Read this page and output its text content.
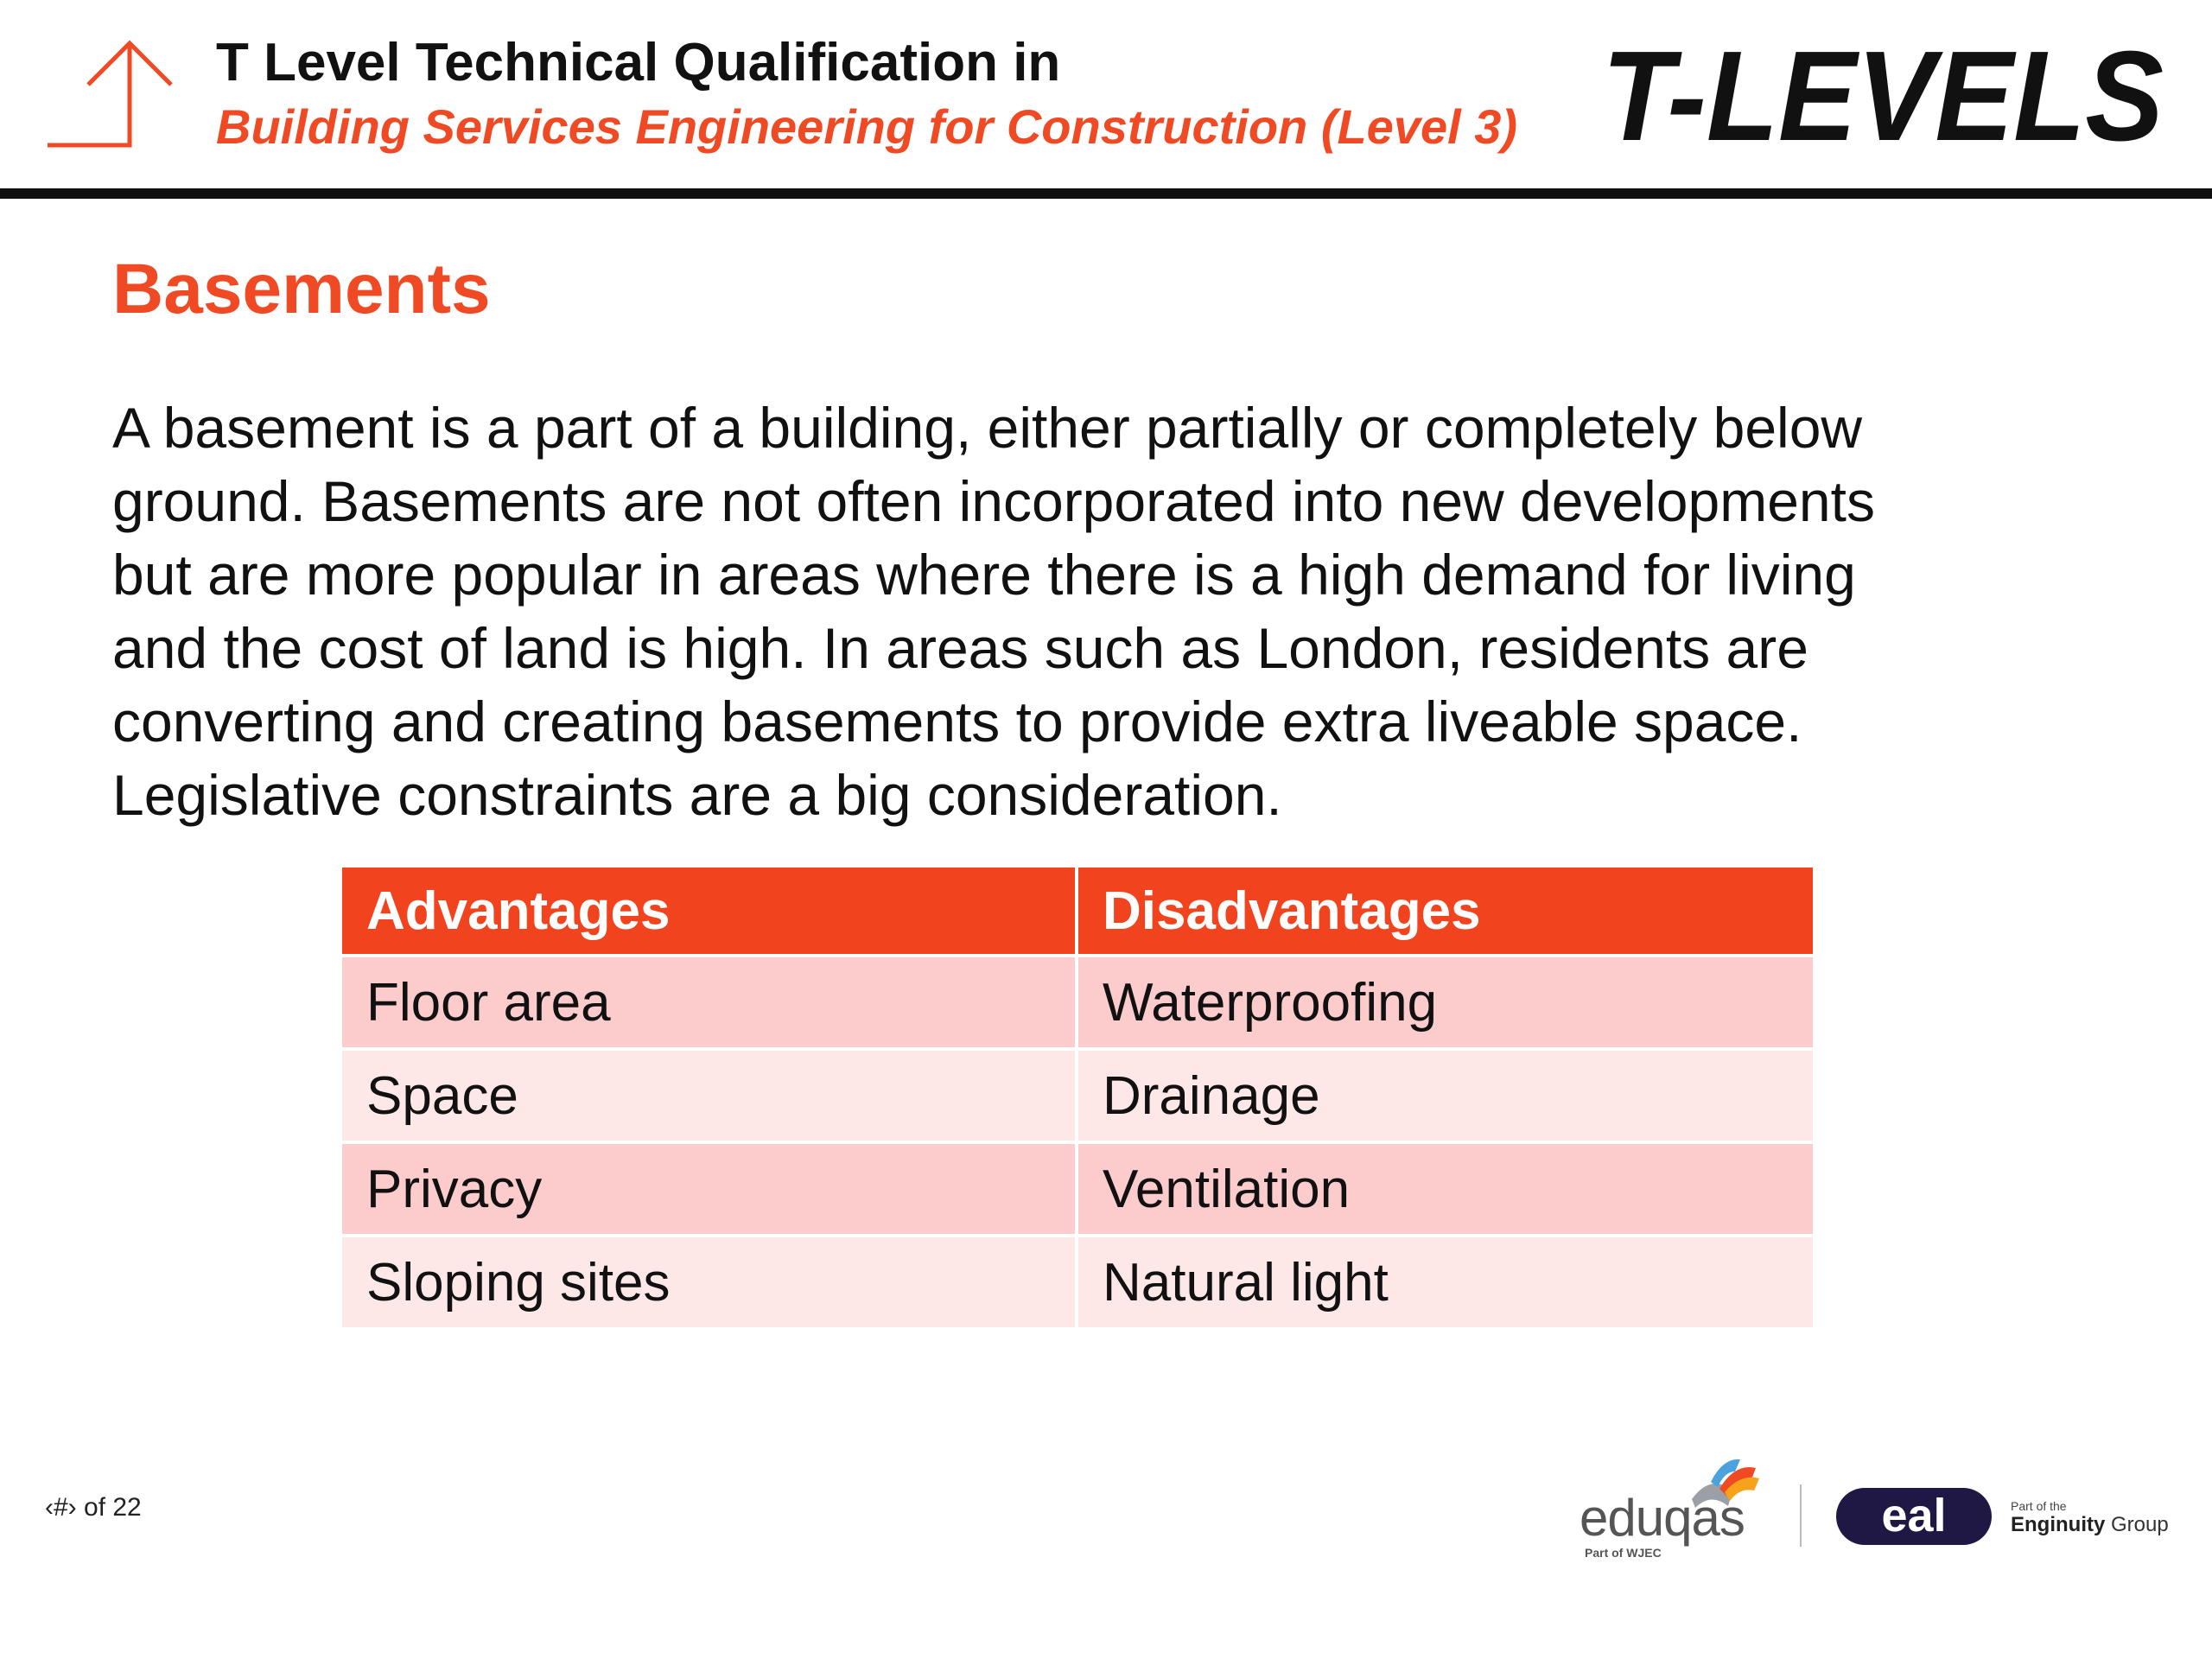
T Level Technical Qualification in
Building Services Engineering for Construction (Level 3) T-LEVELS
Basements
A basement is a part of a building, either partially or completely below
ground. Basements are not often incorporated into new developments
but are more popular in areas where there is a high demand for living
and the cost of land is high. In areas such as London, residents are
converting and creating basements to provide extra liveable space.
Legislative constraints are a big consideration.
Advantages	Disadvantages
Floor area	Waterproofing
Space	Drainage
Privacy	Ventilation
Sloping sites	Natural light
‹#› of 22	eduqas
Part of WJEC
eal	Part of the
Enginuity Group
